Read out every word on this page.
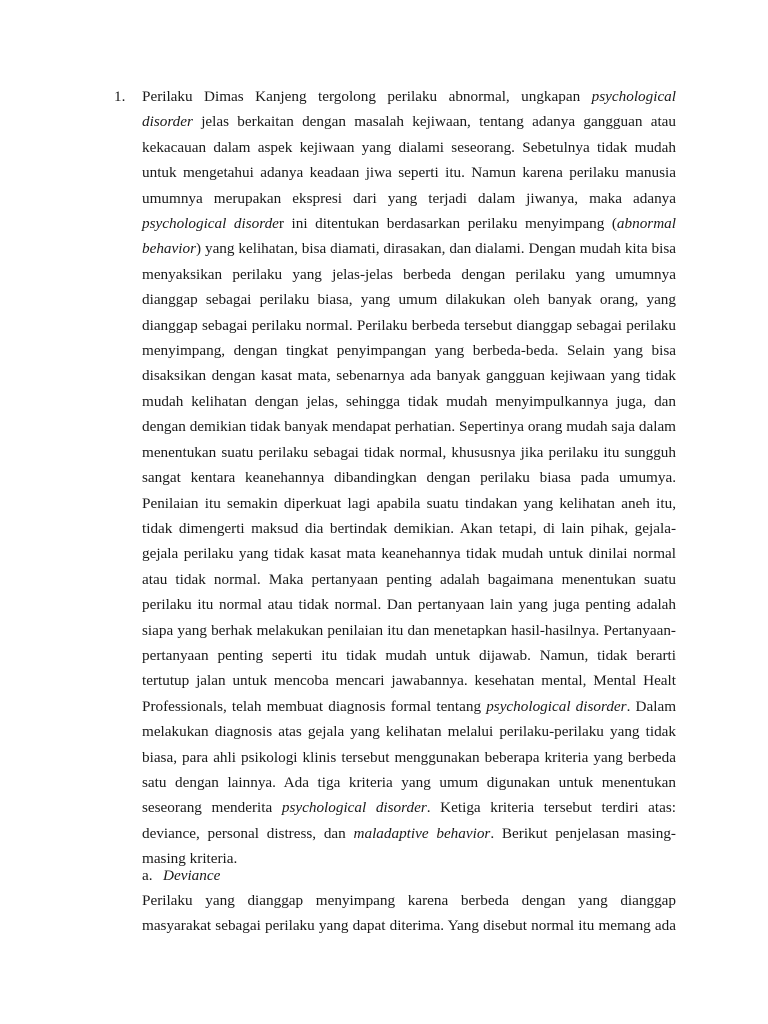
1. Perilaku Dimas Kanjeng tergolong perilaku abnormal, ungkapan psychological disorder jelas berkaitan dengan masalah kejiwaan, tentang adanya gangguan atau kekacauan dalam aspek kejiwaan yang dialami seseorang. Sebetulnya tidak mudah untuk mengetahui adanya keadaan jiwa seperti itu. Namun karena perilaku manusia umumnya merupakan ekspresi dari yang terjadi dalam jiwanya, maka adanya psychological disorder ini ditentukan berdasarkan perilaku menyimpang (abnormal behavior) yang kelihatan, bisa diamati, dirasakan, dan dialami. Dengan mudah kita bisa menyaksikan perilaku yang jelas-jelas berbeda dengan perilaku yang umumnya dianggap sebagai perilaku biasa, yang umum dilakukan oleh banyak orang, yang dianggap sebagai perilaku normal. Perilaku berbeda tersebut dianggap sebagai perilaku menyimpang, dengan tingkat penyimpangan yang berbeda-beda. Selain yang bisa disaksikan dengan kasat mata, sebenarnya ada banyak gangguan kejiwaan yang tidak mudah kelihatan dengan jelas, sehingga tidak mudah menyimpulkannya juga, dan dengan demikian tidak banyak mendapat perhatian. Sepertinya orang mudah saja dalam menentukan suatu perilaku sebagai tidak normal, khususnya jika perilaku itu sungguh sangat kentara keanehannya dibandingkan dengan perilaku biasa pada umumya. Penilaian itu semakin diperkuat lagi apabila suatu tindakan yang kelihatan aneh itu, tidak dimengerti maksud dia bertindak demikian. Akan tetapi, di lain pihak, gejala-gejala perilaku yang tidak kasat mata keanehannya tidak mudah untuk dinilai normal atau tidak normal. Maka pertanyaan penting adalah bagaimana menentukan suatu perilaku itu normal atau tidak normal. Dan pertanyaan lain yang juga penting adalah siapa yang berhak melakukan penilaian itu dan menetapkan hasil-hasilnya. Pertanyaan-pertanyaan penting seperti itu tidak mudah untuk dijawab. Namun, tidak berarti tertutup jalan untuk mencoba mencari jawabannya. kesehatan mental, Mental Healt Professionals, telah membuat diagnosis formal tentang psychological disorder. Dalam melakukan diagnosis atas gejala yang kelihatan melalui perilaku-perilaku yang tidak biasa, para ahli psikologi klinis tersebut menggunakan beberapa kriteria yang berbeda satu dengan lainnya. Ada tiga kriteria yang umum digunakan untuk menentukan seseorang menderita psychological disorder. Ketiga kriteria tersebut terdiri atas: deviance, personal distress, dan maladaptive behavior. Berikut penjelasan masing-masing kriteria.

a. Deviance

Perilaku yang dianggap menyimpang karena berbeda dengan yang dianggap masyarakat sebagai perilaku yang dapat diterima. Yang disebut normal itu memang ada
